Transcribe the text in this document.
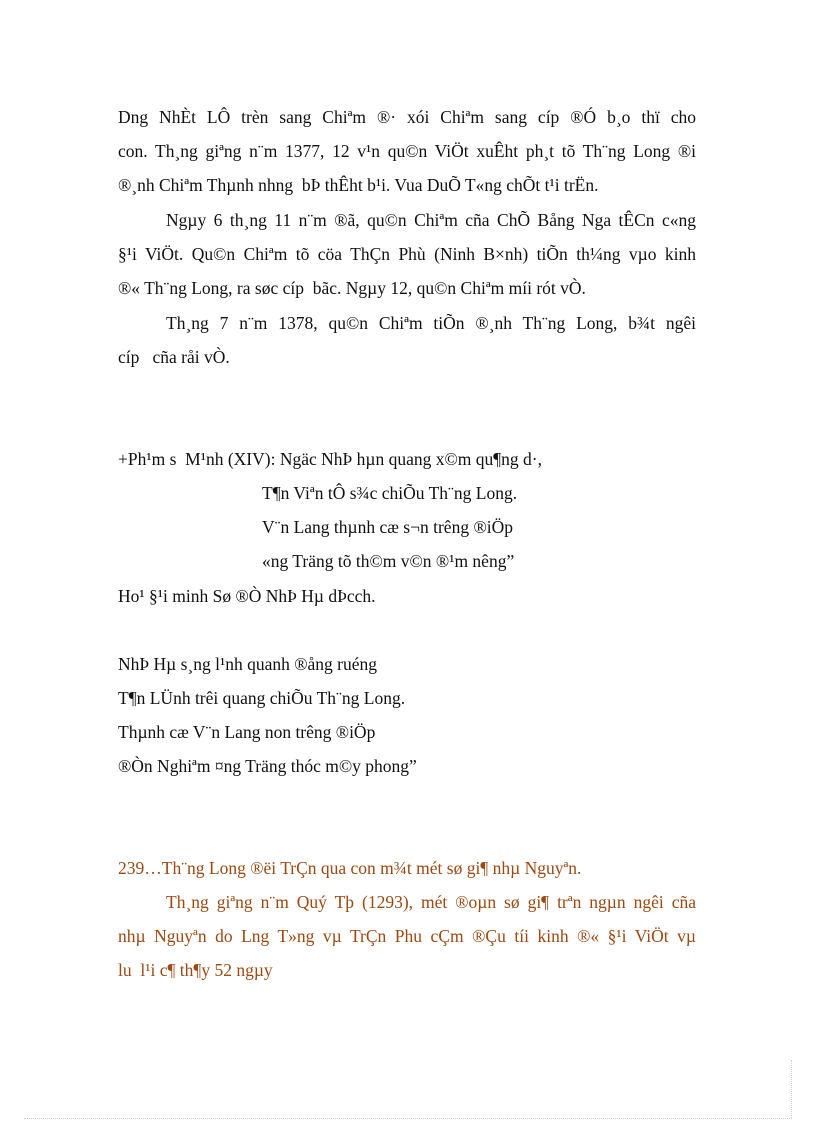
Dng NhÈt LÔ trèn sang Chiªm ®· xói Chiªm sang cíp ®Ó b¸o thï cho
con. Th¸ng giªng n¨m 1377, 12 v¹n qu©n ViÖt xuÊht ph¸t tõ Th¨ng Long ®i
®¸nh Chiªm Thµnh nhng  bÞ thÊht b¹i. Vua DuÕ T«ng chÕt t¹i trËn.
Ngµy 6 th¸ng 11 n¨m ®ã, qu©n Chiªm cña ChÕ Bång Nga tÊCn c«ng
§¹i ViÖt. Qu©n Chiªm tõ cöa ThÇn Phù (Ninh B×nh) tiÕn th¼ng vµo kinh
®« Th¨ng Long, ra søc cíp  bãc. Ngµy 12, qu©n Chiªm míi rót vÒ.
Th¸ng 7 n¨m 1378, qu©n Chiªm tiÕn ®¸nh Th¨ng Long, b¾t ngêi
cíp   cña råi vÒ.
+Ph¹m s  M¹nh (XIV): Ngäc NhÞ hµn quang x©m qu¶ng d·,
T¶n Viªn tÔ s¾c chiÕu Th¨ng Long.
V¨n Lang thµnh cæ s¬n trêng ®iÖp
«ng Träng tõ th©m v©n ®¹m nêng”
Ho¹ §¹i minh Sø ®Ò NhÞ Hµ dÞcch.
NhÞ Hµ s¸ng l¹nh quanh ®ång ruéng
T¶n LÜnh trêi quang chiÕu Th¨ng Long.
Thµnh cæ V¨n Lang non trêng ®iÖp
®Òn Nghiªm ¤ng Träng thóc m©y phong”
239…Th¨ng Long ®ëi TrÇn qua con m¾t mét sø gi¶ nhµ Nguyªn.
Th¸ng giªng n¨m Quý Tþ (1293), mét ®oµn sø gi¶ trªn ngµn ngêi cña
nhµ Nguyªn do Lng T»ng vµ TrÇn Phu cÇm ®Çu tíi kinh ®« §¹i ViÖt vµ
lu  l¹i c¶ th¶y 52 ngµy
